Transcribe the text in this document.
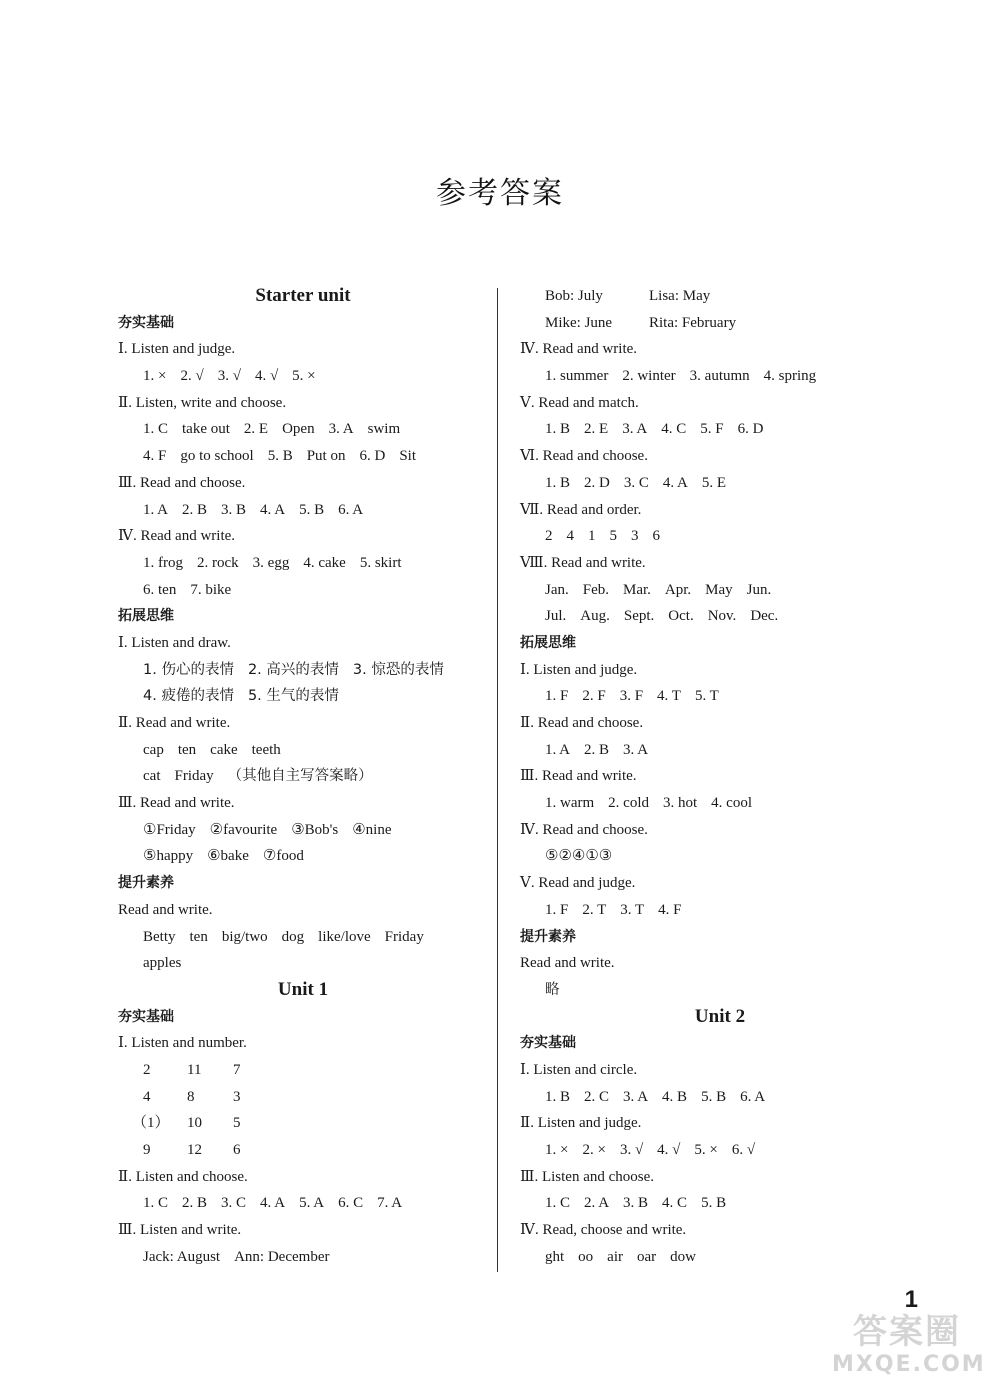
参考答案
Starter unit
夯实基础
Ⅰ. Listen and judge.
1. × 2. √ 3. √ 4. √ 5. ×
Ⅱ. Listen, write and choose.
1. C take out 2. E Open 3. A swim
4. F go to school 5. B Put on 6. D Sit
Ⅲ. Read and choose.
1. A 2. B 3. B 4. A 5. B 6. A
Ⅳ. Read and write.
1. frog 2. rock 3. egg 4. cake 5. skirt
6. ten 7. bike
拓展思维
Ⅰ. Listen and draw.
1. 伤心的表情 2. 高兴的表情 3. 惊恐的表情
4. 疲倦的表情 5. 生气的表情
Ⅱ. Read and write.
cap ten cake teeth
cat Friday （其他自主写答案略）
Ⅲ. Read and write.
①Friday ②favourite ③Bob's ④nine
⑤happy ⑥bake ⑦food
提升素养
Read and write.
Betty ten big/two dog like/love Friday
apples
Unit 1
夯实基础
Ⅰ. Listen and number.
2 11 7
4 8	3
（1） 10 5
9 12 6
Ⅱ. Listen and choose.
1. C 2. B 3. C 4. A 5. A 6. C 7. A
Ⅲ. Listen and write.
Jack: August Ann: December
Bob: July	Lisa: May
Mike: June Rita: February
Ⅳ. Read and write.
1. summer 2. winter 3. autumn 4. spring
Ⅴ. Read and match.
1. B 2. E 3. A 4. C 5. F 6. D
Ⅵ. Read and choose.
1. B 2. D 3. C 4. A 5. E
Ⅶ. Read and order.
2 4 1 5 3 6
Ⅷ. Read and write.
Jan. Feb. Mar. Apr. May Jun.
Jul. Aug. Sept. Oct. Nov. Dec.
拓展思维
Ⅰ. Listen and judge.
1. F 2. F 3. F 4. T 5. T
Ⅱ. Read and choose.
1. A 2. B 3. A
Ⅲ. Read and write.
1. warm 2. cold 3. hot 4. cool
Ⅳ. Read and choose.
⑤②④①③
Ⅴ. Read and judge.
1. F 2. T 3. T 4. F
提升素养
Read and write.
略
Unit 2
夯实基础
Ⅰ. Listen and circle.
1. B 2. C 3. A 4. B 5. B 6. A
Ⅱ. Listen and judge.
1. × 2. × 3. √ 4. √ 5. × 6. √
Ⅲ. Listen and choose.
1. C 2. A 3. B 4. C 5. B
Ⅳ. Read, choose and write.
ght oo air oar dow
1
答案圈
MXQE.COM
